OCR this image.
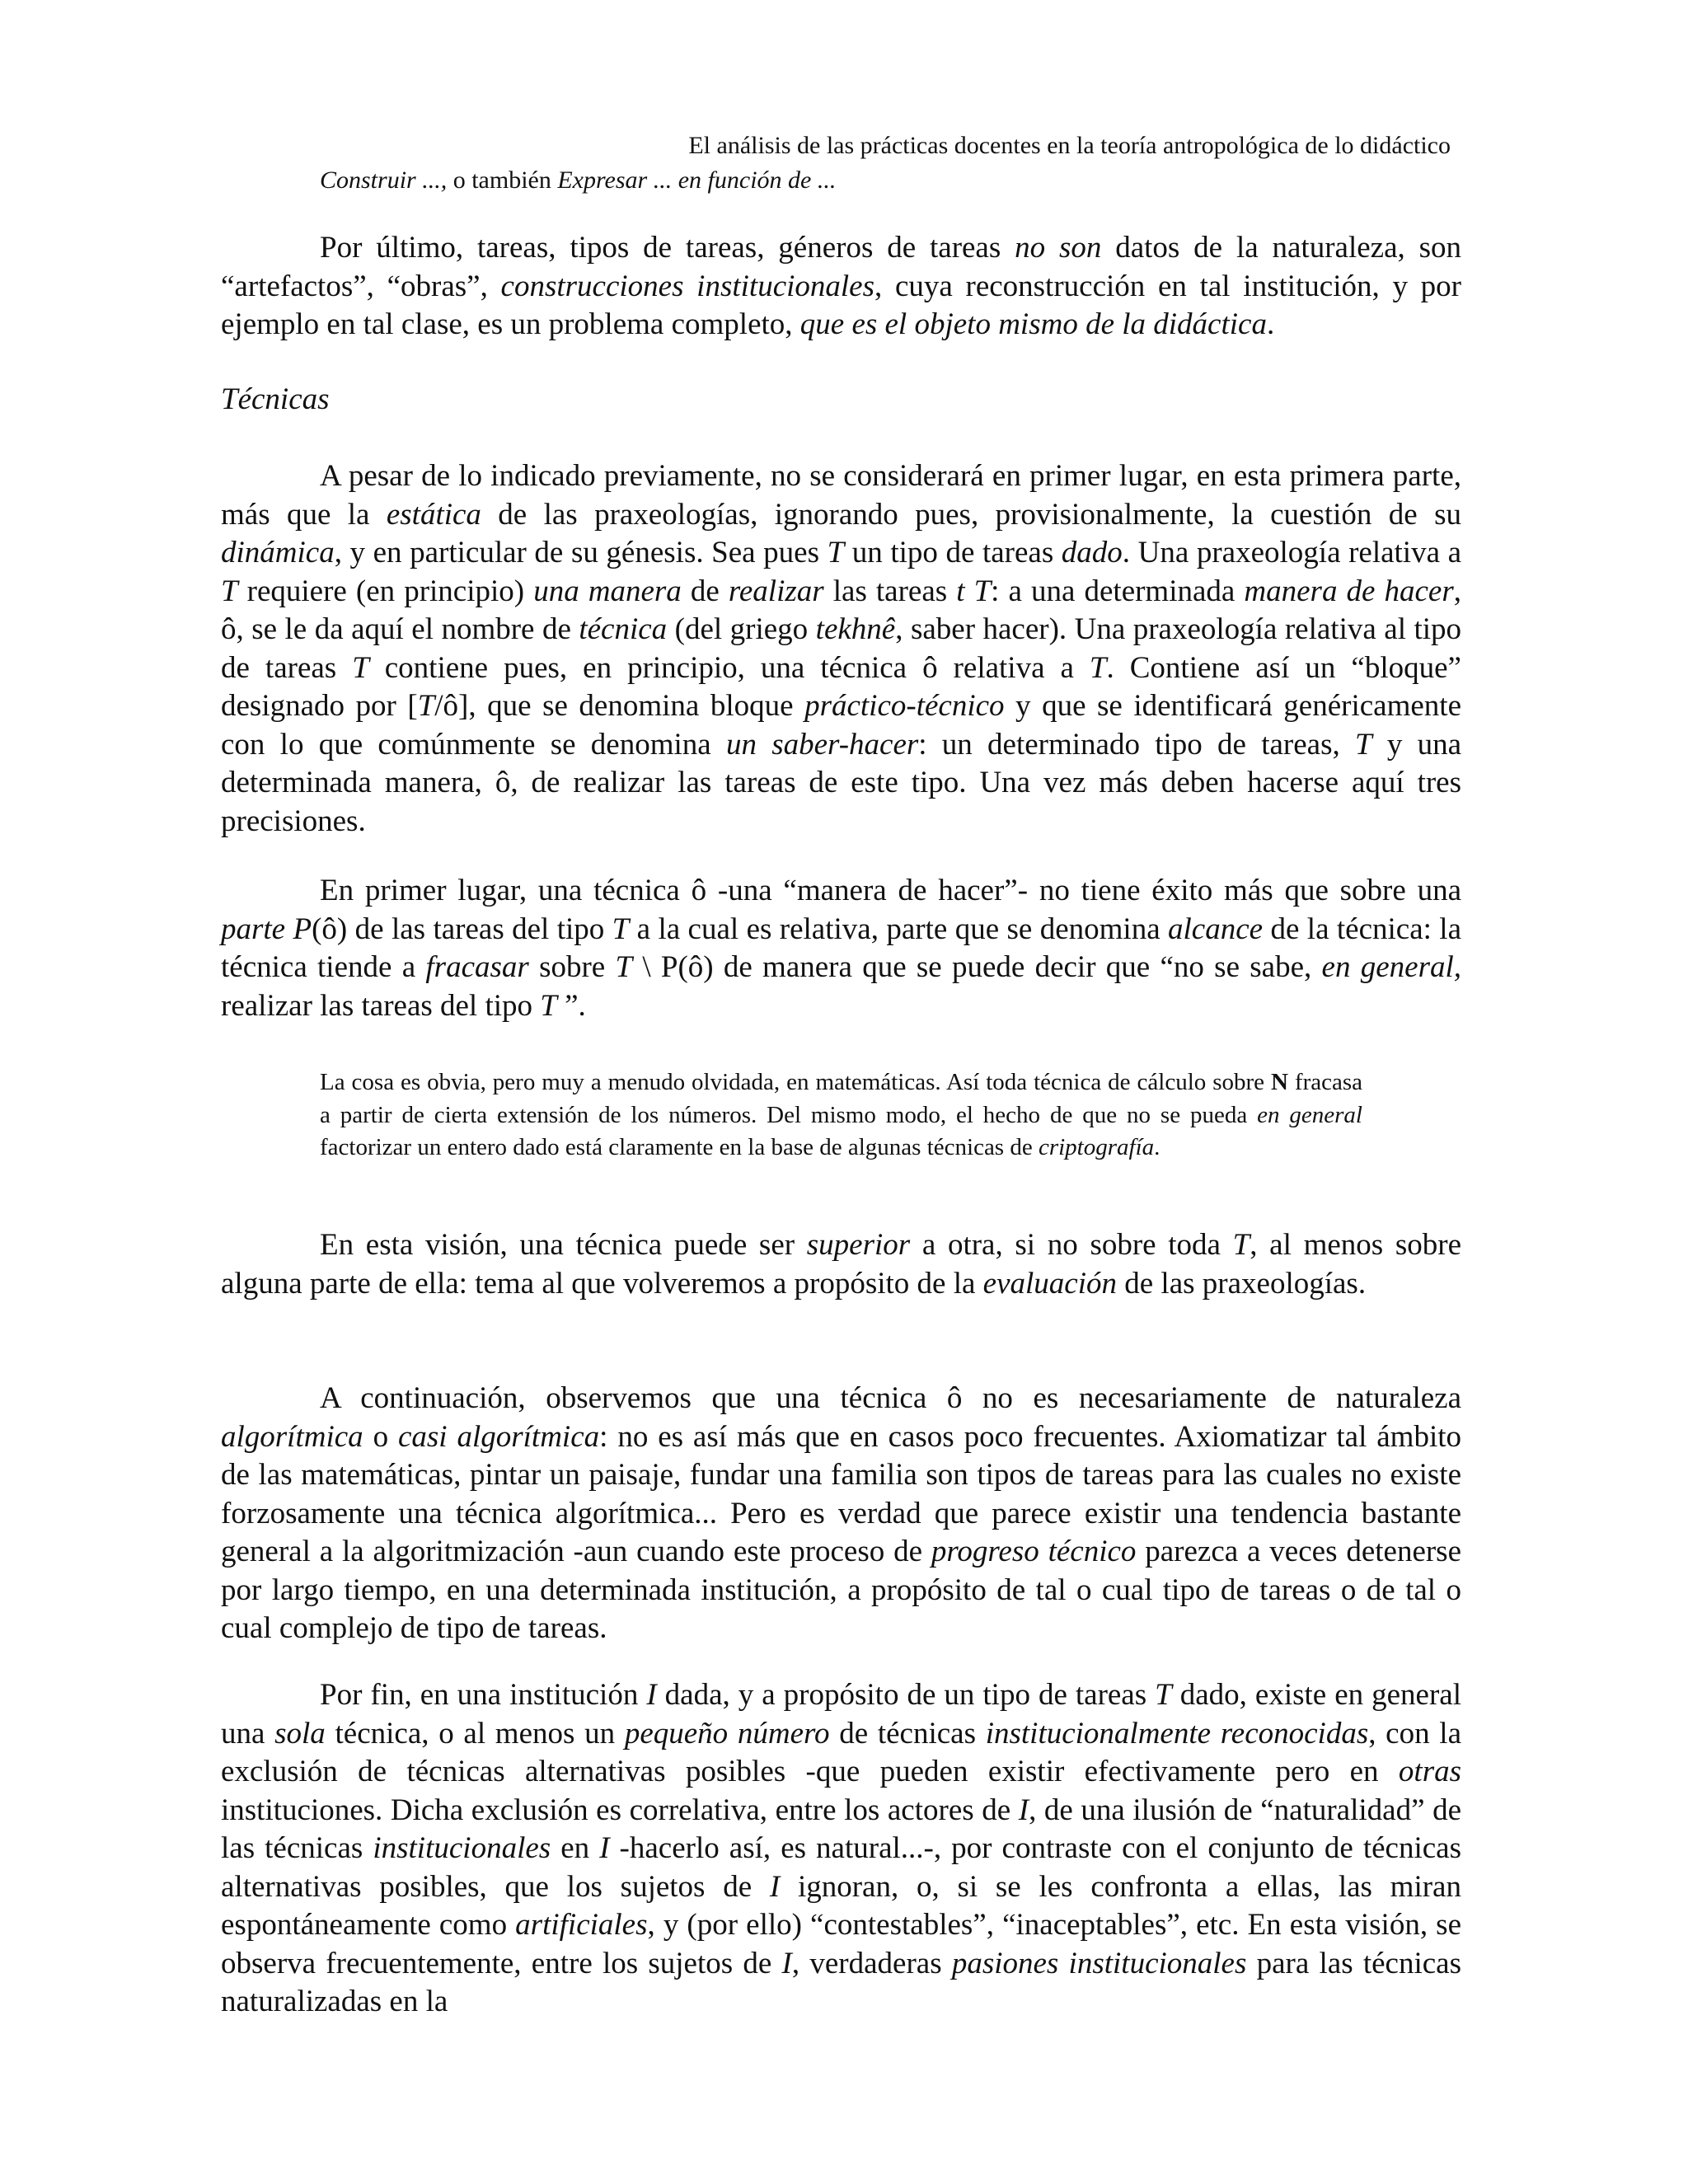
El análisis de las prácticas docentes en la teoría antropológica de lo didáctico
Construir ..., o también Expresar ... en función de ...

Por último, tareas, tipos de tareas, géneros de tareas no son datos de la naturaleza, son “artefactos”, “obras”, construcciones institucionales, cuya reconstrucción en tal institución, y por ejemplo en tal clase, es un problema completo, que es el objeto mismo de la didáctica.

Técnicas

A pesar de lo indicado previamente, no se considerará en primer lugar, en esta primera parte, más que la estática de las praxeologías, ignorando pues, provisionalmente, la cuestión de su dinámica, y en particular de su génesis. Sea pues T un tipo de tareas dado. Una praxeología relativa a T requiere (en principio) una manera de realizar las tareas t T: a una determinada manera de hacer, ô, se le da aquí el nombre de técnica (del griego tekhnê, saber hacer). Una praxeología relativa al tipo de tareas T contiene pues, en principio, una técnica ô relativa a T. Contiene así un “bloque” designado por [T/ô], que se denomina bloque práctico-técnico y que se identificará genéricamente con lo que comúnmente se denomina un saber-hacer: un determinado tipo de tareas, T y una determinada manera, ô, de realizar las tareas de este tipo. Una vez más deben hacerse aquí tres precisiones.

En primer lugar, una técnica ô -una “manera de hacer”- no tiene éxito más que sobre una parte P(ô) de las tareas del tipo T a la cual es relativa, parte que se denomina alcance de la técnica: la técnica tiende a fracasar sobre T \ P(ô) de manera que se puede decir que “no se sabe, en general, realizar las tareas del tipo T ”.

La cosa es obvia, pero muy a menudo olvidada, en matemáticas. Así toda técnica de cálculo sobre N fracasa a partir de cierta extensión de los números. Del mismo modo, el hecho de que no se pueda en general factorizar un entero dado está claramente en la base de algunas técnicas de criptografía.

En esta visión, una técnica puede ser superior a otra, si no sobre toda T, al menos sobre alguna parte de ella: tema al que volveremos a propósito de la evaluación de las praxeologías.

A continuación, observemos que una técnica ô no es necesariamente de naturaleza algorítmica o casi algorítmica: no es así más que en casos poco frecuentes. Axiomatizar tal ámbito de las matemáticas, pintar un paisaje, fundar una familia son tipos de tareas para las cuales no existe forzosamente una técnica algorítmica... Pero es verdad que parece existir una tendencia bastante general a la algoritmización -aun cuando este proceso de progreso técnico parezca a veces detenerse por largo tiempo, en una determinada institución, a propósito de tal o cual tipo de tareas o de tal o cual complejo de tipo de tareas.

Por fin, en una institución I dada, y a propósito de un tipo de tareas T dado, existe en general una sola técnica, o al menos un pequeño número de técnicas institucionalmente reconocidas, con la exclusión de técnicas alternativas posibles -que pueden existir efectivamente pero en otras instituciones. Dicha exclusión es correlativa, entre los actores de I, de una ilusión de “naturalidad” de las técnicas institucionales en I -hacerlo así, es natural...-, por contraste con el conjunto de técnicas alternativas posibles, que los sujetos de I ignoran, o, si se les confronta a ellas, las miran espontáneamente como artificiales, y (por ello) “contestables”, “inaceptables”, etc. En esta visión, se observa frecuentemente, entre los sujetos de I, verdaderas pasiones institucionales para las técnicas naturalizadas en la
